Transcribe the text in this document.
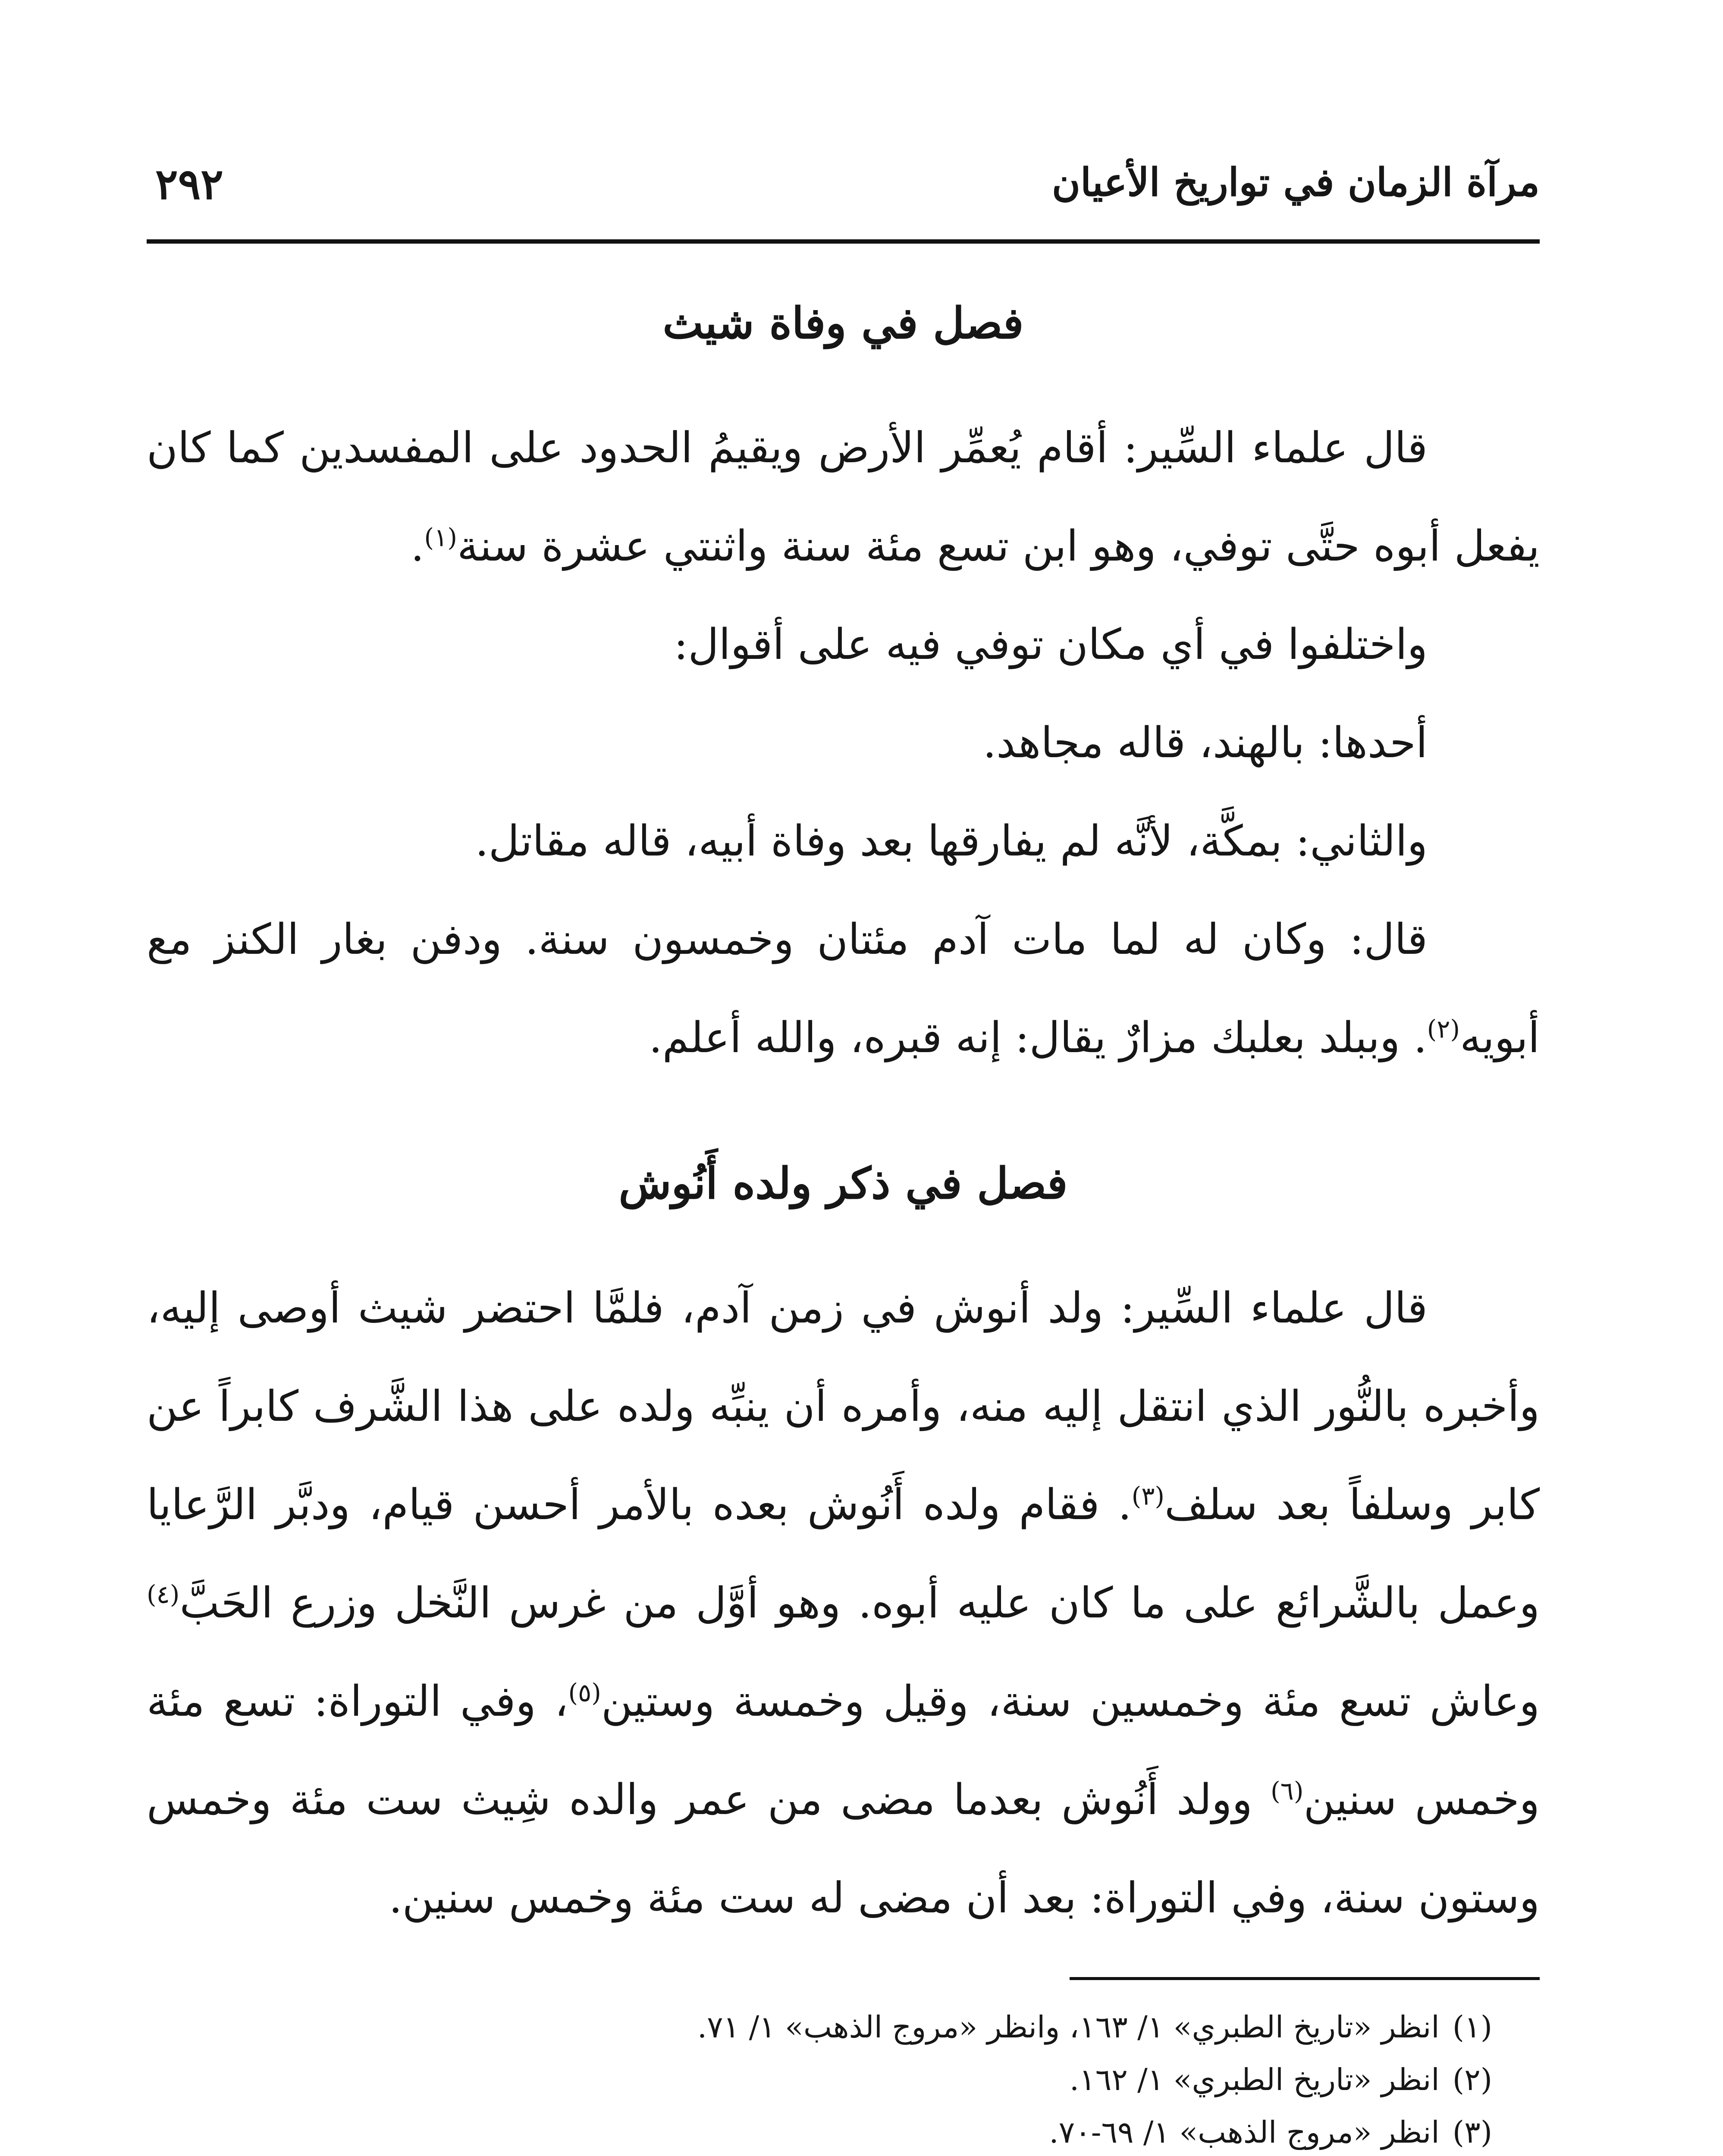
٢٩٢	مرآة الزمان في تواريخ الأعيان
فصل في وفاة شيث

قال علماء السِّير: أقام يُعمِّر الأرض ويقيمُ الحدود على المفسدين كما كان يفعل أبوه حتَّى توفي، وهو ابن تسع مئة سنة واثنتي عشرة سنة$^{(١)}$.

واختلفوا في أي مكان توفي فيه على أقوال:

أحدها: بالهند، قاله مجاهد.

والثاني: بمكَّة، لأنَّه لم يفارقها بعد وفاة أبيه، قاله مقاتل.

قال: وكان له لما مات آدم مئتان وخمسون سنة. ودفن بغار الكنز مع أبويه$^{(٢)}$. وببلد بعلبك مزارٌ يقال: إنه قبره، والله أعلم.

فصل في ذكر ولده أَنُوش

قال علماء السِّير: ولد أنوش في زمن آدم، فلمَّا احتضر شيث أوصى إليه، وأخبره بالنُّور الذي انتقل إليه منه، وأمره أن ينبِّه ولده على هذا الشَّرف كابراً عن كابر وسلفاً بعد سلف$^{(٣)}$. فقام ولده أَنُوش بعده بالأمر أحسن قيام، ودبَّر الرَّعايا وعمل بالشَّرائع على ما كان عليه أبوه. وهو أوَّل من غرس النَّخل وزرع الحَبَّ$^{(٤)}$ وعاش تسع مئة وخمسين سنة، وقيل وخمسة وستين$^{(٥)}$، وفي التوراة: تسع مئة وخمس سنين$^{(٦)}$ وولد أَنُوش بعدما مضى من عمر والده شِيث ست مئة وخمس وستون سنة، وفي التوراة: بعد أن مضى له ست مئة وخمس سنين.

(١)انظر «تاريخ الطبري» ١/ ١٦٣، وانظر «مروج الذهب» ١/ ٧١.

(٢)انظر «تاريخ الطبري» ١/ ١٦٢.

(٣)انظر «مروج الذهب» ١/ ٦٩-٧٠.
